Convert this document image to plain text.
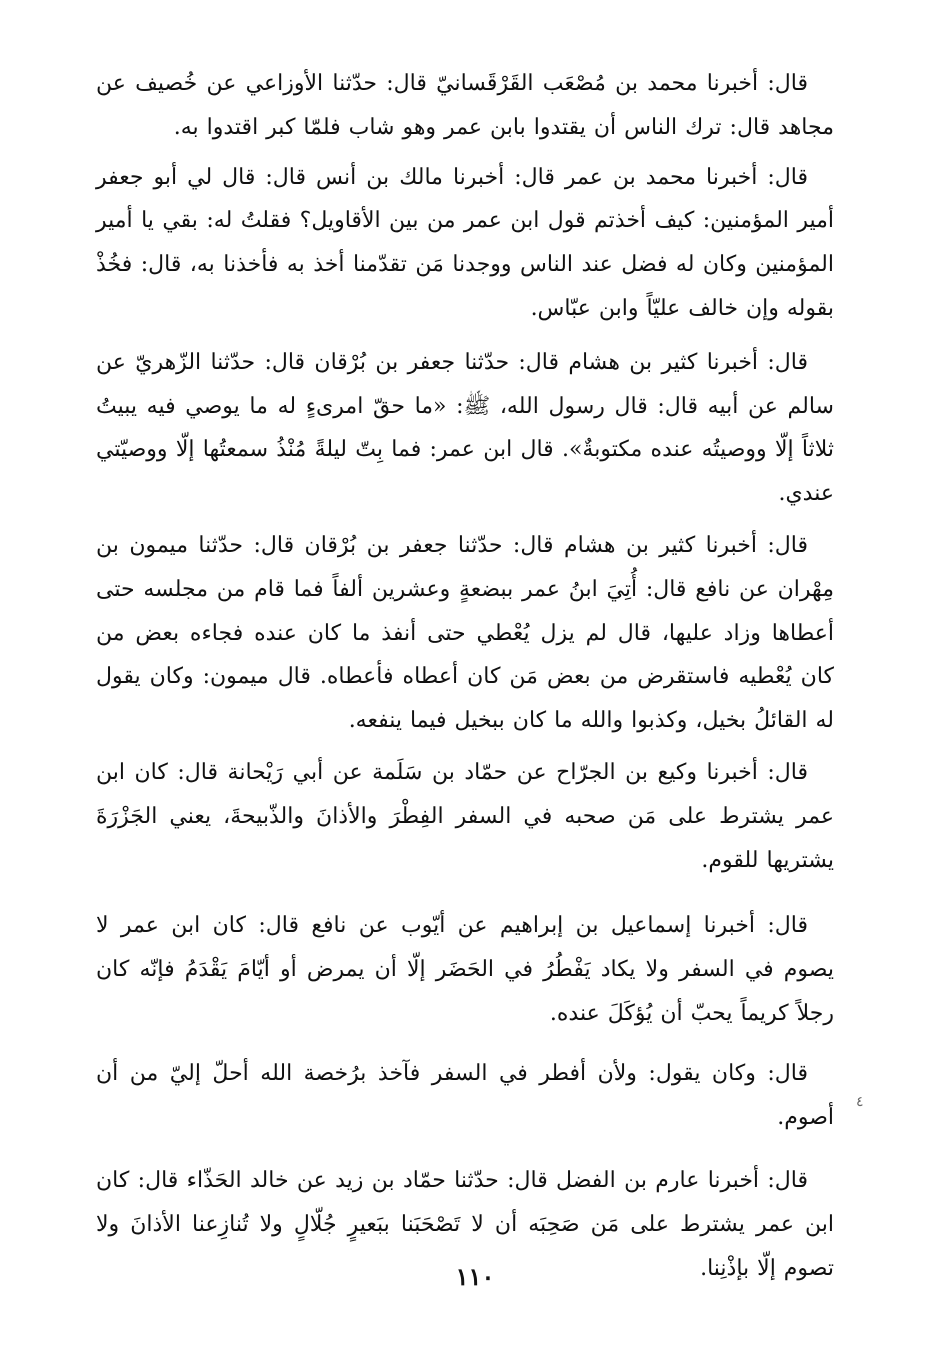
قال: أخبرنا محمد بن مُصْعَب القَرْقَسانيّ قال: حدّثنا الأوزاعي عن خُصيف عن مجاهد قال: ترك الناس أن يقتدوا بابن عمر وهو شاب فلمّا كبر اقتدوا به.

قال: أخبرنا محمد بن عمر قال: أخبرنا مالك بن أنس قال: قال لي أبو جعفر أمير المؤمنين: كيف أخذتم قول ابن عمر من بين الأقاويل؟ فقلتُ له: بقي يا أمير المؤمنين وكان له فضل عند الناس ووجدنا مَن تقدّمنا أخذ به فأخذنا به، قال: فخُذْ بقوله وإن خالف عليّاً وابن عبّاس.

قال: أخبرنا كثير بن هشام قال: حدّثنا جعفر بن بُرْقان قال: حدّثنا الزّهريّ عن سالم عن أبيه قال: قال رسول الله، ﷺ: «ما حقّ امرىءٍ له ما يوصي فيه يبيتُ ثلاثاً إلّا ووصيتُه عنده مكتوبةٌ». قال ابن عمر: فما بِتّ ليلةً مُنْذُ سمعتُها إلّا ووصيّتي عندي.

قال: أخبرنا كثير بن هشام قال: حدّثنا جعفر بن بُرْقان قال: حدّثنا ميمون بن مِهْران عن نافع قال: أُتِيَ ابنُ عمر ببضعةٍ وعشرين ألفاً فما قام من مجلسه حتى أعطاها وزاد عليها، قال لم يزل يُعْطي حتى أنفذ ما كان عنده فجاءه بعض من كان يُعْطيه فاستقرض من بعض مَن كان أعطاه فأعطاه. قال ميمون: وكان يقول له القائلُ بخيل، وكذبوا والله ما كان ببخيل فيما ينفعه.

قال: أخبرنا وكيع بن الجرّاح عن حمّاد بن سَلَمة عن أبي رَيْحانة قال: كان ابن عمر يشترط على مَن صحبه في السفر الفِطْرَ والأذانَ والذّبيحةَ، يعني الجَزْرَةَ يشتريها للقوم.

قال: أخبرنا إسماعيل بن إبراهيم عن أيّوب عن نافع قال: كان ابن عمر لا يصوم في السفر ولا يكاد يَفْطُرُ في الحَضَر إلّا أن يمرض أو أيّامَ يَقْدَمُ فإنّه كان رجلاً كريماً يحبّ أن يُؤكَلَ عنده.

قال: وكان يقول: ولأن أفطر في السفر فآخذ برُخصة الله أحلّ إليّ من أن أصوم.

قال: أخبرنا عارم بن الفضل قال: حدّثنا حمّاد بن زيد عن خالد الحَذّاء قال: كان ابن عمر يشترط على مَن صَحِبَه أن لا تَصْحَبَنا ببَعيرٍ جُلّالٍ ولا تُنازِعنا الأذانَ ولا تصوم إلّا بإذْنِنا.

٤
١١٠
